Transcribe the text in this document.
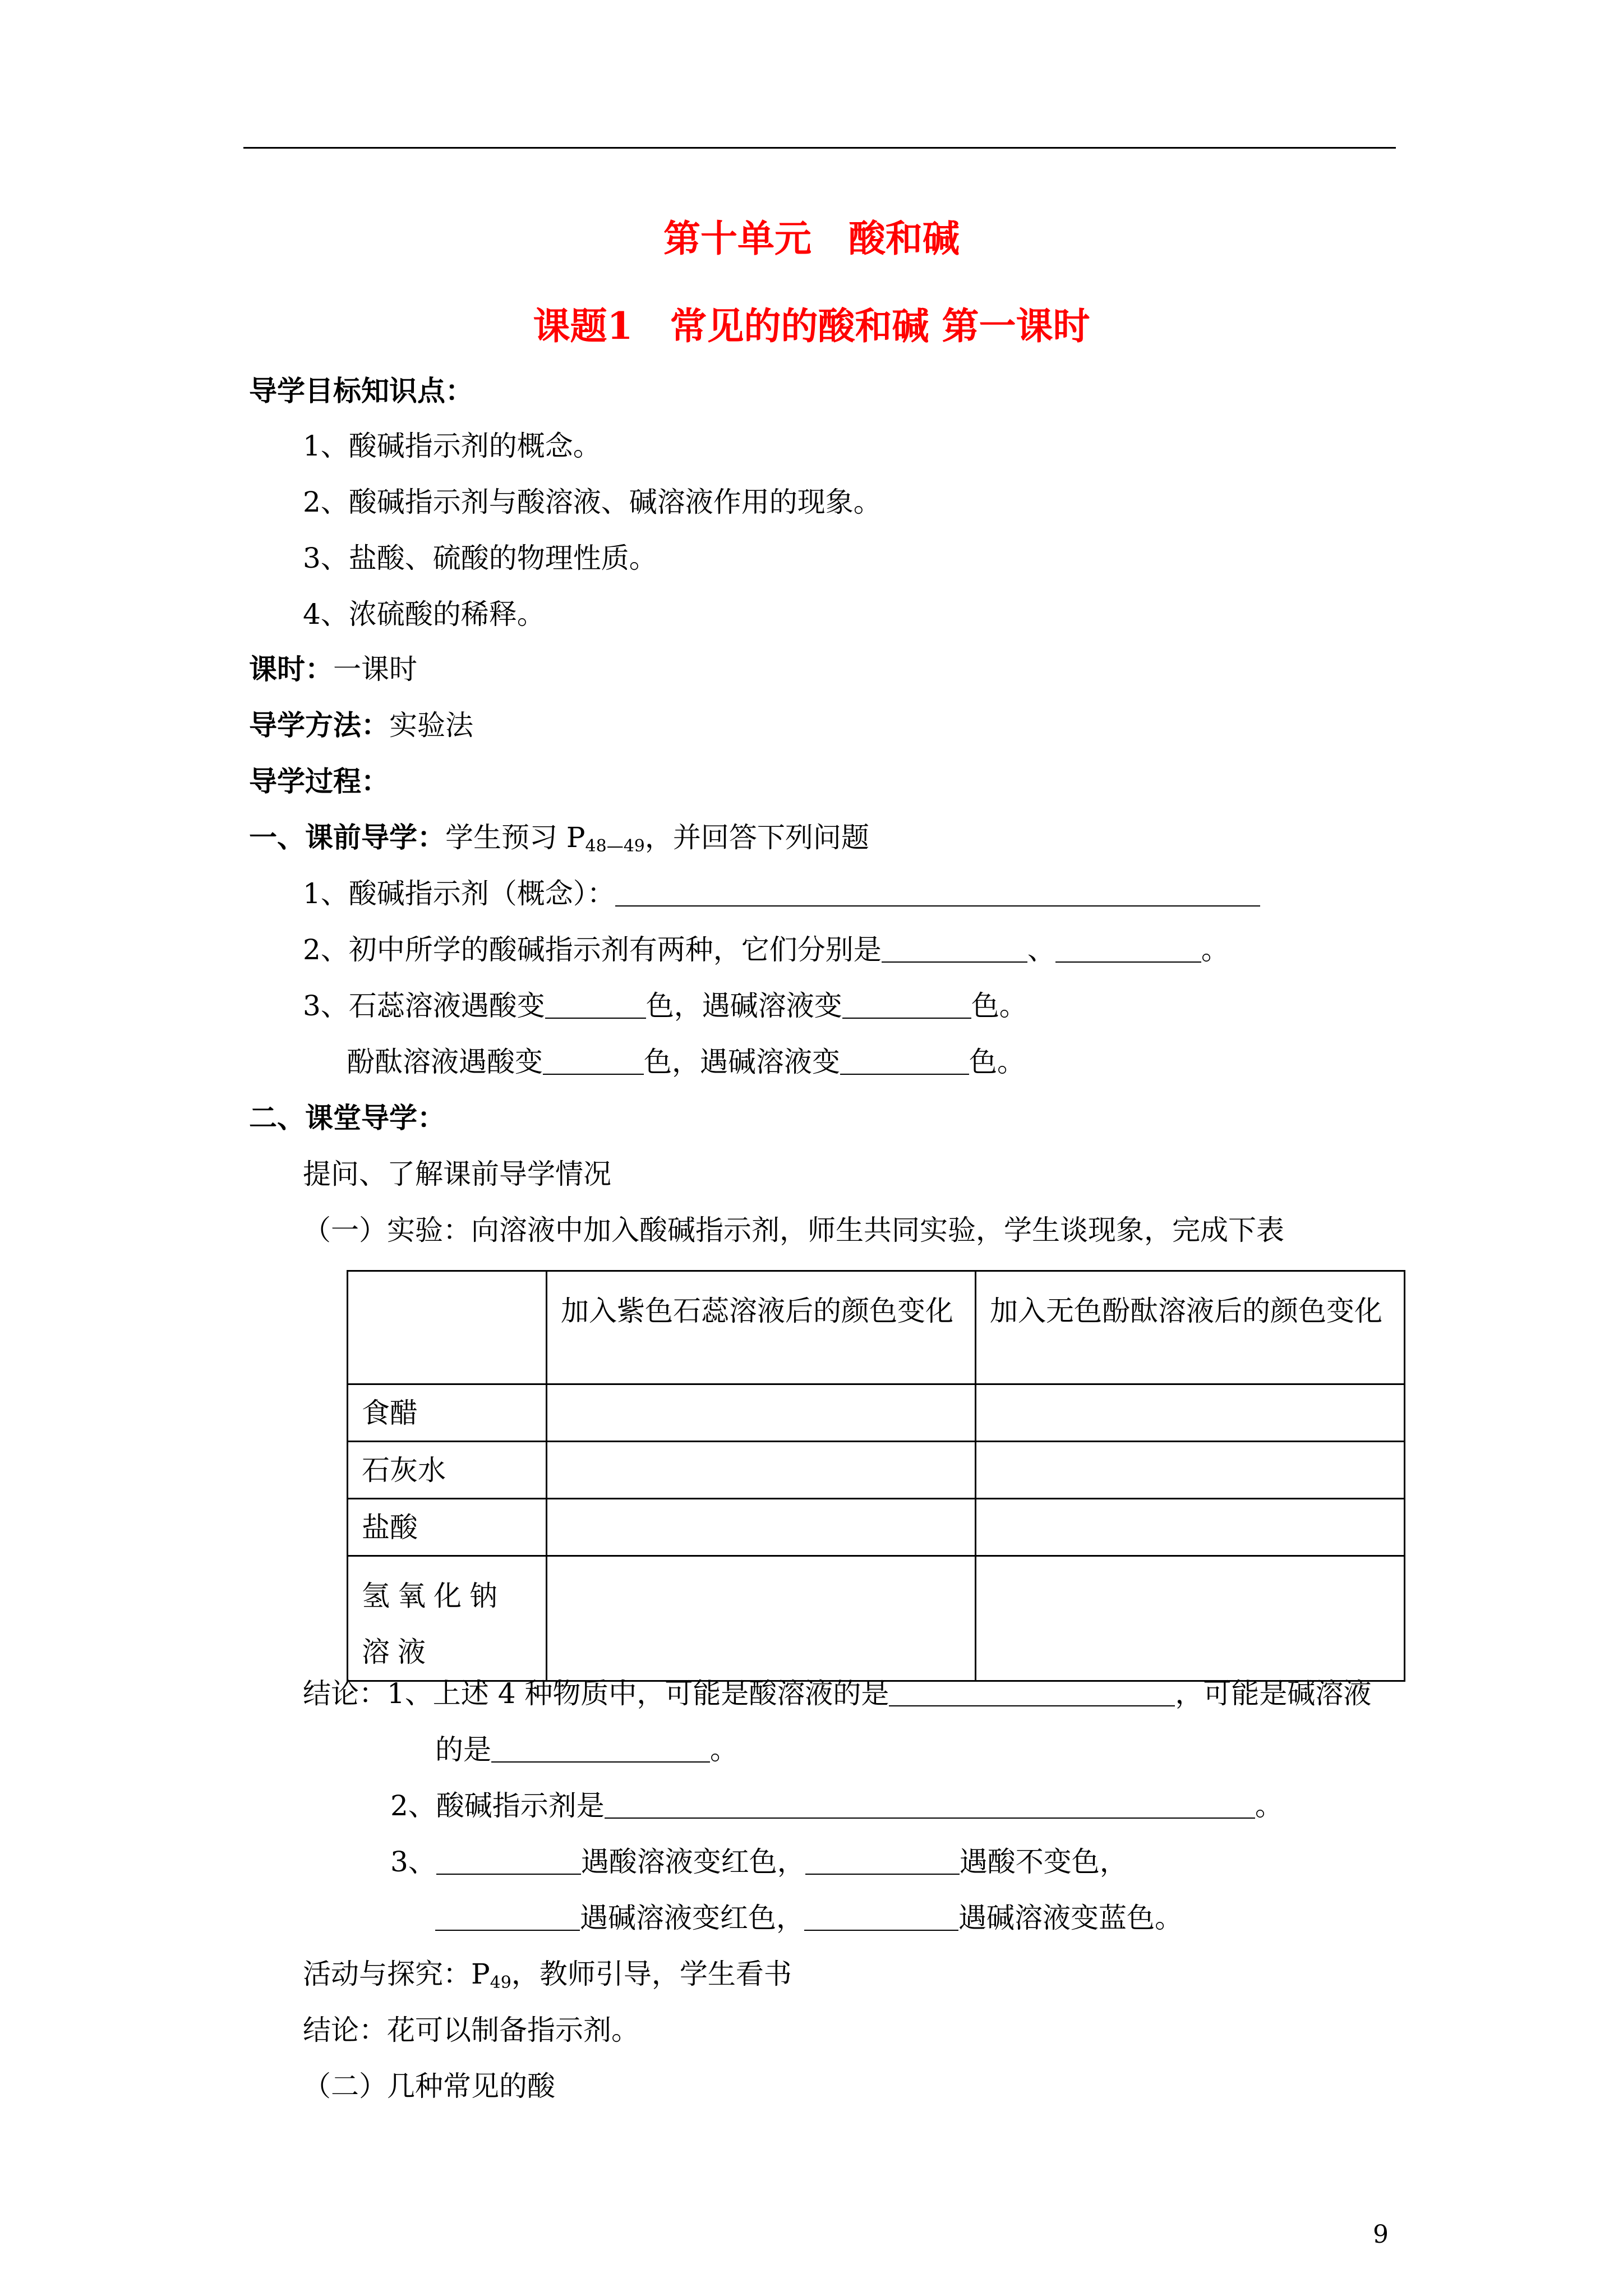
第十单元　酸和碱
课题1　常见的的酸和碱 第一课时
导学目标知识点：
1、酸碱指示剂的概念。
2、酸碱指示剂与酸溶液、碱溶液作用的现象。
3、盐酸、硫酸的物理性质。
4、浓硫酸的稀释。
课时：一课时
导学方法：实验法
导学过程：
一、课前导学：学生预习 $P_{48—49}$，并回答下列问题
1、酸碱指示剂（概念）：
2、初中所学的酸碱指示剂有两种，它们分别是	、	。
3、石蕊溶液遇酸变	色，遇碱溶液变	色。
酚酞溶液遇酸变	色，遇碱溶液变	色。
二、课堂导学：
提问、了解课前导学情况
（一）实验：向溶液中加入酸碱指示剂，师生共同实验，学生谈现象，完成下表
	加入紫色石蕊溶液后的颜色变化	加入无色酚酞溶液后的颜色变化
食醋		
石灰水		
盐酸		
氢氧化钠溶液		
结论：1、上述 4 种物质中，可能是酸溶液的是	，可能是碱溶液
的是	。
2、酸碱指示剂是	。
3、	遇酸溶液变红色，	遇酸不变色，
遇碱溶液变红色，	遇碱溶液变蓝色。
活动与探究：$P_{49}$，教师引导，学生看书
结论：花可以制备指示剂。
（二）几种常见的酸
9
